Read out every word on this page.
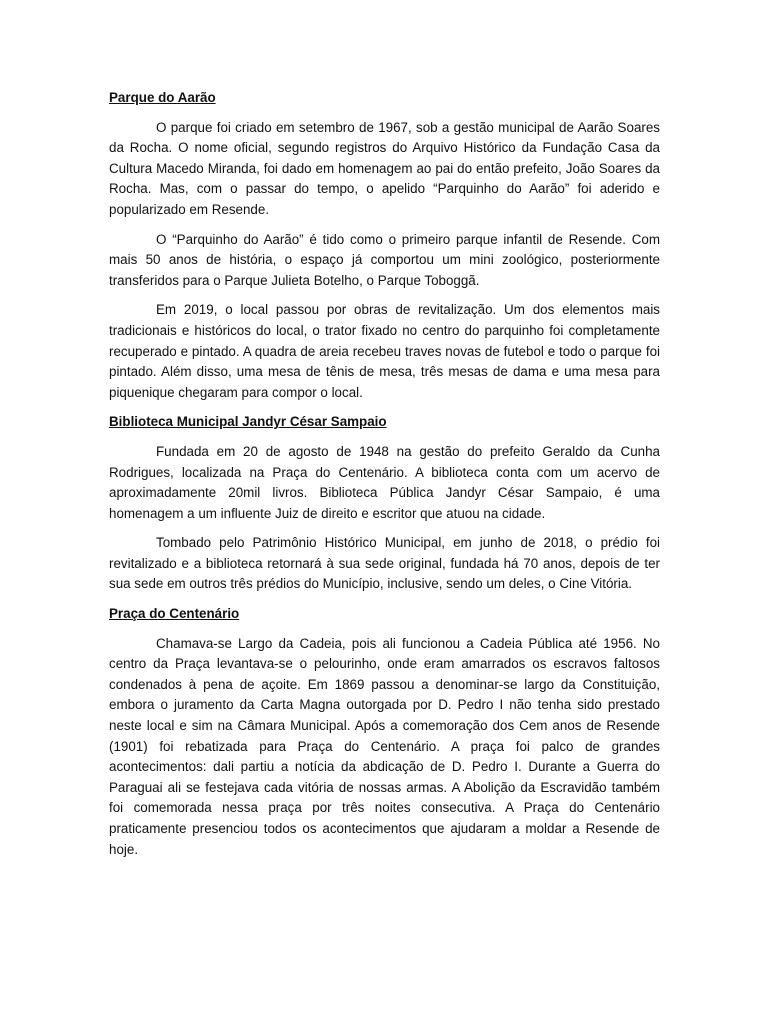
Parque do Aarão

O parque foi criado em setembro de 1967, sob a gestão municipal de Aarão Soares da Rocha. O nome oficial, segundo registros do Arquivo Histórico da Fundação Casa da Cultura Macedo Miranda, foi dado em homenagem ao pai do então prefeito, João Soares da Rocha. Mas, com o passar do tempo, o apelido “Parquinho do Aarão” foi aderido e popularizado em Resende.

O “Parquinho do Aarão” é tido como o primeiro parque infantil de Resende. Com mais 50 anos de história, o espaço já comportou um mini zoológico, posteriormente transferidos para o Parque Julieta Botelho, o Parque Toboggã.

Em 2019, o local passou por obras de revitalização. Um dos elementos mais tradicionais e históricos do local, o trator fixado no centro do parquinho foi completamente recuperado e pintado. A quadra de areia recebeu traves novas de futebol e todo o parque foi pintado. Além disso, uma mesa de tênis de mesa, três mesas de dama e uma mesa para piquenique chegaram para compor o local.

Biblioteca Municipal Jandyr César Sampaio

Fundada em 20 de agosto de 1948 na gestão do prefeito Geraldo da Cunha Rodrigues, localizada na Praça do Centenário. A biblioteca conta com um acervo de aproximadamente 20mil livros. Biblioteca Pública Jandyr César Sampaio, é uma homenagem a um influente Juiz de direito e escritor que atuou na cidade.

Tombado pelo Patrimônio Histórico Municipal, em junho de 2018, o prédio foi revitalizado e a biblioteca retornará à sua sede original, fundada há 70 anos, depois de ter sua sede em outros três prédios do Município, inclusive, sendo um deles, o Cine Vitória.

Praça do Centenário

Chamava-se Largo da Cadeia, pois ali funcionou a Cadeia Pública até 1956. No centro da Praça levantava-se o pelourinho, onde eram amarrados os escravos faltosos condenados à pena de açoite. Em 1869 passou a denominar-se largo da Constituição, embora o juramento da Carta Magna outorgada por D. Pedro I não tenha sido prestado neste local e sim na Câmara Municipal. Após a comemoração dos Cem anos de Resende (1901) foi rebatizada para Praça do Centenário. A praça foi palco de grandes acontecimentos: dali partiu a notícia da abdicação de D. Pedro I. Durante a Guerra do Paraguai ali se festejava cada vitória de nossas armas. A Abolição da Escravidão também foi comemorada nessa praça por três noites consecutiva. A Praça do Centenário praticamente presenciou todos os acontecimentos que ajudaram a moldar a Resende de hoje.
